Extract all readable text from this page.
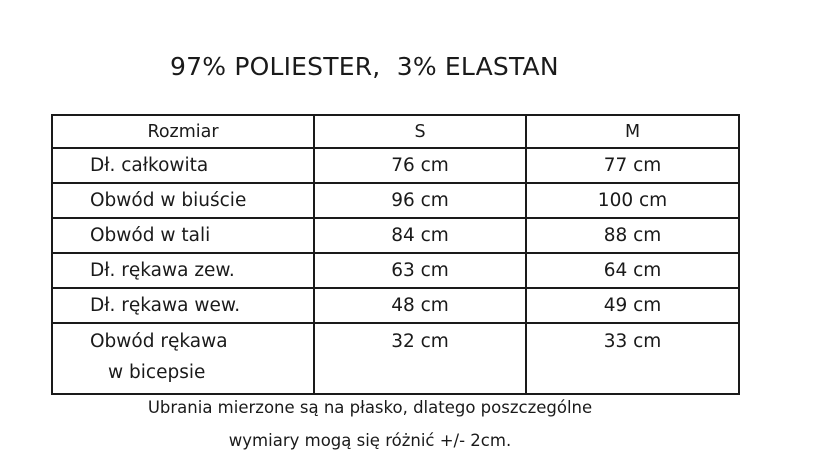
97% POLIESTER,  3% ELASTAN
Rozmiar	S	M
Dł. całkowita	76 cm	77 cm
Obwód w biuście	96 cm	100 cm
Obwód w tali	84 cm	88 cm
Dł. rękawa zew.	63 cm	64 cm
Dł. rękawa wew.	48 cm	49 cm

Obwód rękawa
w bicepsie	32 cm	33 cm
Ubrania mierzone są na płasko, dlatego poszczególne
wymiary mogą się różnić +/- 2cm.
